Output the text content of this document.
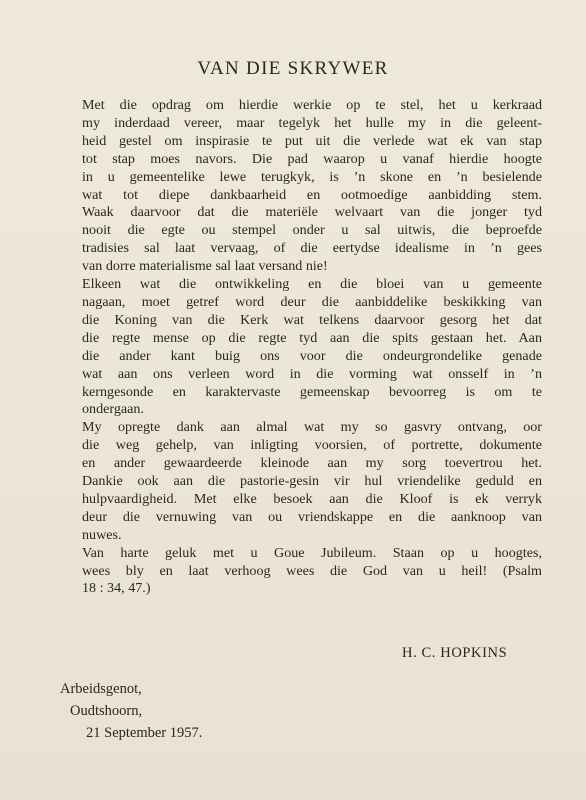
VAN DIE SKRYWER

Met die opdrag om hierdie werkie op te stel, het u kerkraad
my inderdaad vereer, maar tegelyk het hulle my in die geleent-
heid gestel om inspirasie te put uit die verlede wat ek van stap
tot stap moes navors. Die pad waarop u vanaf hierdie hoogte
in u gemeentelike lewe terugkyk, is ’n skone en ’n besielende
wat tot diepe dankbaarheid en ootmoedige aanbidding stem.
Waak daarvoor dat die materiële welvaart van die jonger tyd
nooit die egte ou stempel onder u sal uitwis, die beproefde
tradisies sal laat vervaag, of die eertydse idealisme in ’n gees
van dorre materialisme sal laat versand nie!

Elkeen wat die ontwikkeling en die bloei van u gemeente
nagaan, moet getref word deur die aanbiddelike beskikking van
die Koning van die Kerk wat telkens daarvoor gesorg het dat
die regte mense op die regte tyd aan die spits gestaan het. Aan
die ander kant buig ons voor die ondeurgrondelike genade
wat aan ons verleen word in die vorming wat onsself in ’n
kerngesonde en karaktervaste gemeenskap bevoorreg is om te
ondergaan.

My opregte dank aan almal wat my so gasvry ontvang, oor
die weg gehelp, van inligting voorsien, of portrette, dokumente
en ander gewaardeerde kleinode aan my sorg toevertrou het.
Dankie ook aan die pastorie-gesin vir hul vriendelike geduld en
hulpvaardigheid. Met elke besoek aan die Kloof is ek verryk
deur die vernuwing van ou vriendskappe en die aanknoop van
nuwes.

Van harte geluk met u Goue Jubileum. Staan op u hoogtes,
wees bly en laat verhoog wees die God van u heil! (Psalm
18 : 34, 47.)

H. C. HOPKINS
Arbeidsgenot,
Oudtshoorn,
21 September 1957.
